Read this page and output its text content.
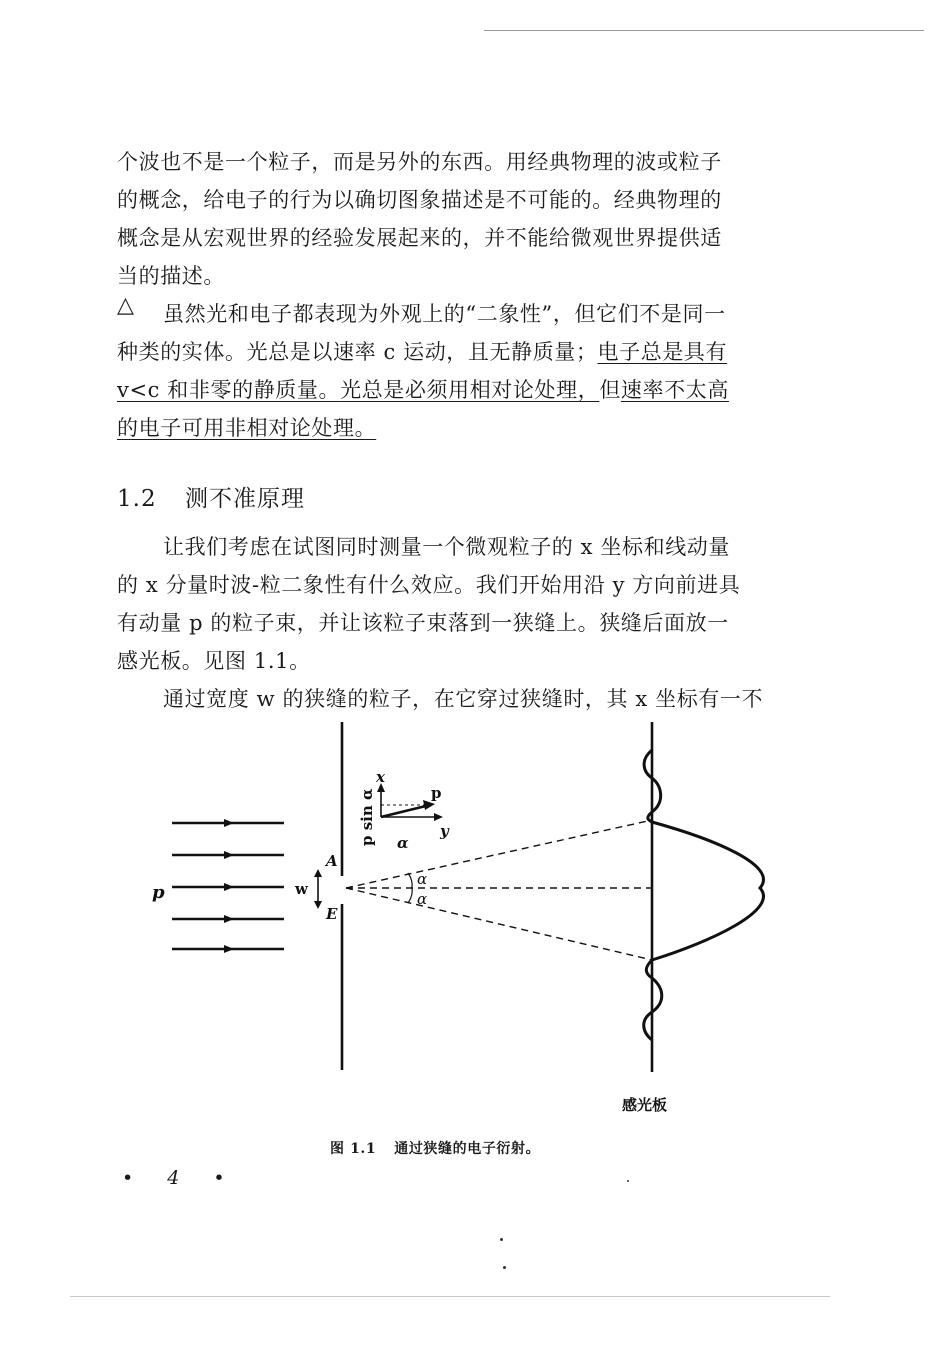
个波也不是一个粒子，而是另外的东西。用经典物理的波或粒子
的概念，给电子的行为以确切图象描述是不可能的。经典物理的
概念是从宏观世界的经验发展起来的，并不能给微观世界提供适
当的描述。

△	虽然光和电子都表现为外观上的“二象性”，但它们不是同一
种类的实体。光总是以速率 c 运动，且无静质量；电子总是具有
v<c 和非零的静质量。光总是必须用相对论处理，但速率不太高
的电子可用非相对论处理。

1.2 测不准原理

让我们考虑在试图同时测量一个微观粒子的 x 坐标和线动量
的 x 分量时波-粒二象性有什么效应。我们开始用沿 y 方向前进具
有动量 p 的粒子束，并让该粒子束落到一狭缝上。狭缝后面放一
感光板。见图 1.1。

通过宽度 w 的狭缝的粒子，在它穿过狭缝时，其 x 坐标有一不

p	w
A
E
α
α
x
y
p
α
p sin α
感光板
图 1.1 通过狭缝的电子衍射。
• 4 •
